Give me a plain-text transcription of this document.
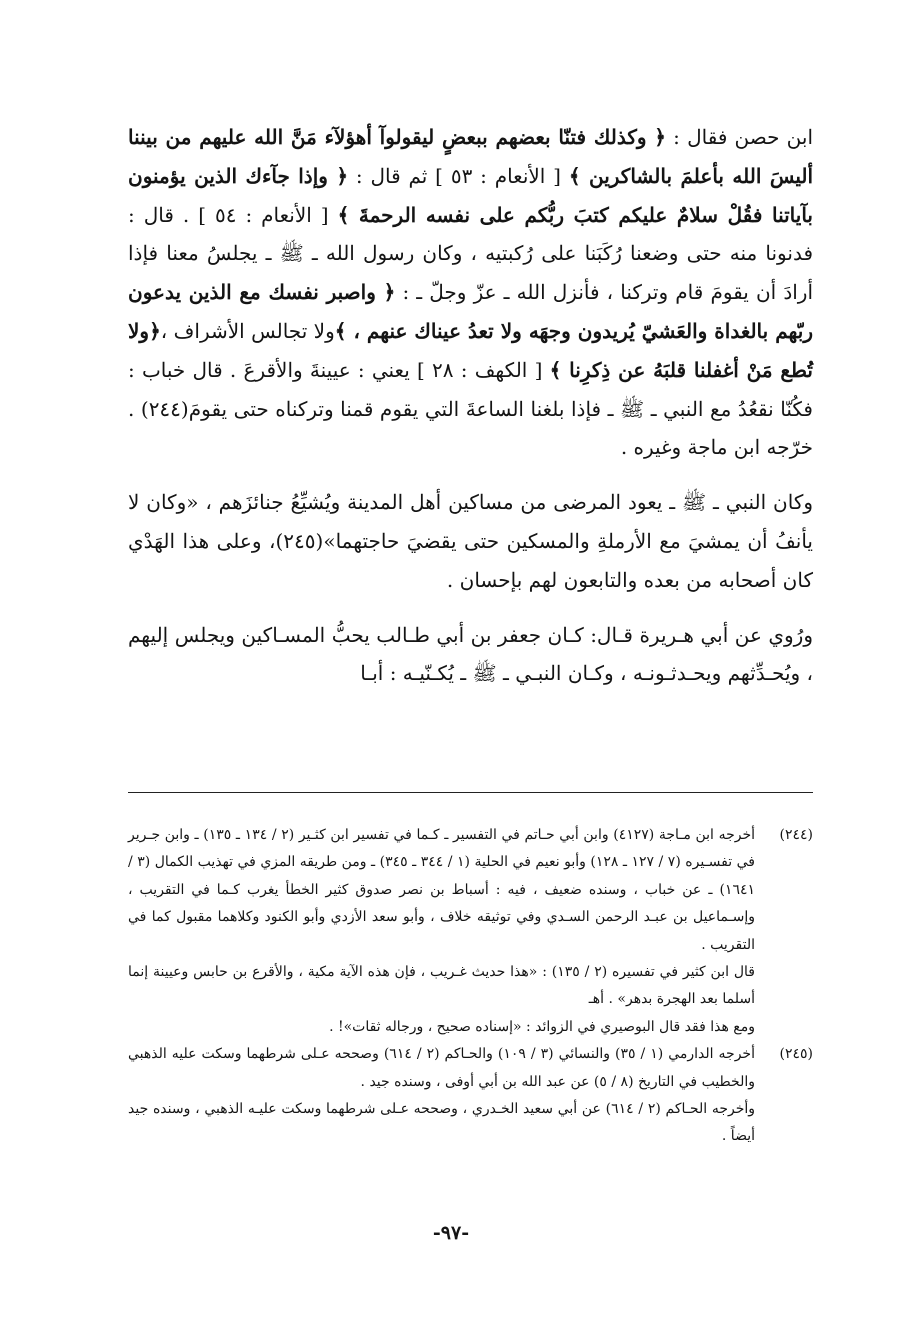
ابن حصن فقال : ﴿ وكذلك فتنّا بعضهم ببعضٍ ليقولوآ أهؤلآء مَنَّ الله عليهم من بيننا أليسَ الله بأعلمَ بالشاكرين ﴾ [ الأنعام : ٥٣ ] ثم قال : ﴿ وإذا جآءك الذين يؤمنون بآياتنا فقُلْ سلامٌ عليكم كتبَ ربُّكم على نفسه الرحمةَ ﴾ [ الأنعام : ٥٤ ] . قال : فدنونا منه حتى وضعنا رُكَبَنا على رُكبتيه ، وكان رسول الله ـ ﷺ ـ يجلسُ معنا فإذا أرادَ أن يقومَ قام وتركنا ، فأنزل الله ـ عزّ وجلّ ـ : ﴿ واصبر نفسك مع الذين يدعون ربّهم بالغداة والعَشيّ يُريدون وجهَه ولا تعدُ عيناك عنهم ، ﴾ولا تجالس الأشراف ،﴿ولا تُطع مَنْ أغفلنا قلبَهُ عن ذِكرِنا ﴾ [ الكهف : ٢٨ ] يعني : عيينةَ والأقرعَ . قال خباب : فكُنّا نقعُدُ مع النبي ـ ﷺ ـ فإذا بلغنا الساعةَ التي يقوم قمنا وتركناه حتى يقومَ(٢٤٤) . خرّجه ابن ماجة وغيره .

وكان النبي ـ ﷺ ـ يعود المرضى من مساكين أهل المدينة ويُشيِّعُ جنائزَهم ، «وكان لا يأنفُ أن يمشيَ مع الأرملةِ والمسكين حتى يقضيَ حاجتهما»(٢٤٥)، وعلى هذا الهَدْي كان أصحابه من بعده والتابعون لهم بإحسان .

ورُوي عن أبي هـريرة قـال: كـان جعفر بن أبي طـالب يحبُّ المسـاكين ويجلس إليهم ، ويُحـدِّثهم ويحـدثـونـه ، وكـان النبـي ـ ﷺ ـ يُكـنّيـه : أبـا

(٢٤٤)

أخرجه ابن مـاجة (٤١٢٧) وابن أبي حـاتم في التفسير ـ كـما في تفسير ابن كثـير (٢ / ١٣٤ ـ ١٣٥) ـ وابن جـرير في تفسـيره (٧ / ١٢٧ ـ ١٢٨) وأبو نعيم في الحلية (١ / ٣٤٤ ـ ٣٤٥) ـ ومن طريقه المزي في تهذيب الكمال (٣ / ١٦٤١) ـ عن خباب ، وسنده ضعيف ، فيه : أسباط بن نصر صدوق كثير الخطأ يغرب كـما في التقريب ، وإسـماعيل بن عبـد الرحمن السـدي وفي توثيقه خلاف ، وأبو سعد الأزدي وأبو الكنود وكلاهما مقبول كما في التقريب .

قال ابن كثير في تفسيره (٢ / ١٣٥) : «هذا حديث غـريب ، فإن هذه الآية مكية ، والأقرع بن حابس وعيينة إنما أسلما بعد الهجرة بدهر» . أهـ

ومع هذا فقد قال البوصيري في الزوائد : «إسناده صحيح ، ورجاله ثقات»! .

(٢٤٥)

أخرجه الدارمي (١ / ٣٥) والنسائي (٣ / ١٠٩) والحـاكم (٢ / ٦١٤) وصححه عـلى شرطهما وسكت عليه الذهبي والخطيب في التاريخ (٨ / ٥) عن عبد الله بن أبي أوفى ، وسنده جيد .

وأخرجه الحـاكم (٢ / ٦١٤) عن أبي سعيد الخـدري ، وصححه عـلى شرطهما وسكت عليـه الذهبي ، وسنده جيد أيضاً .

-٩٧-
